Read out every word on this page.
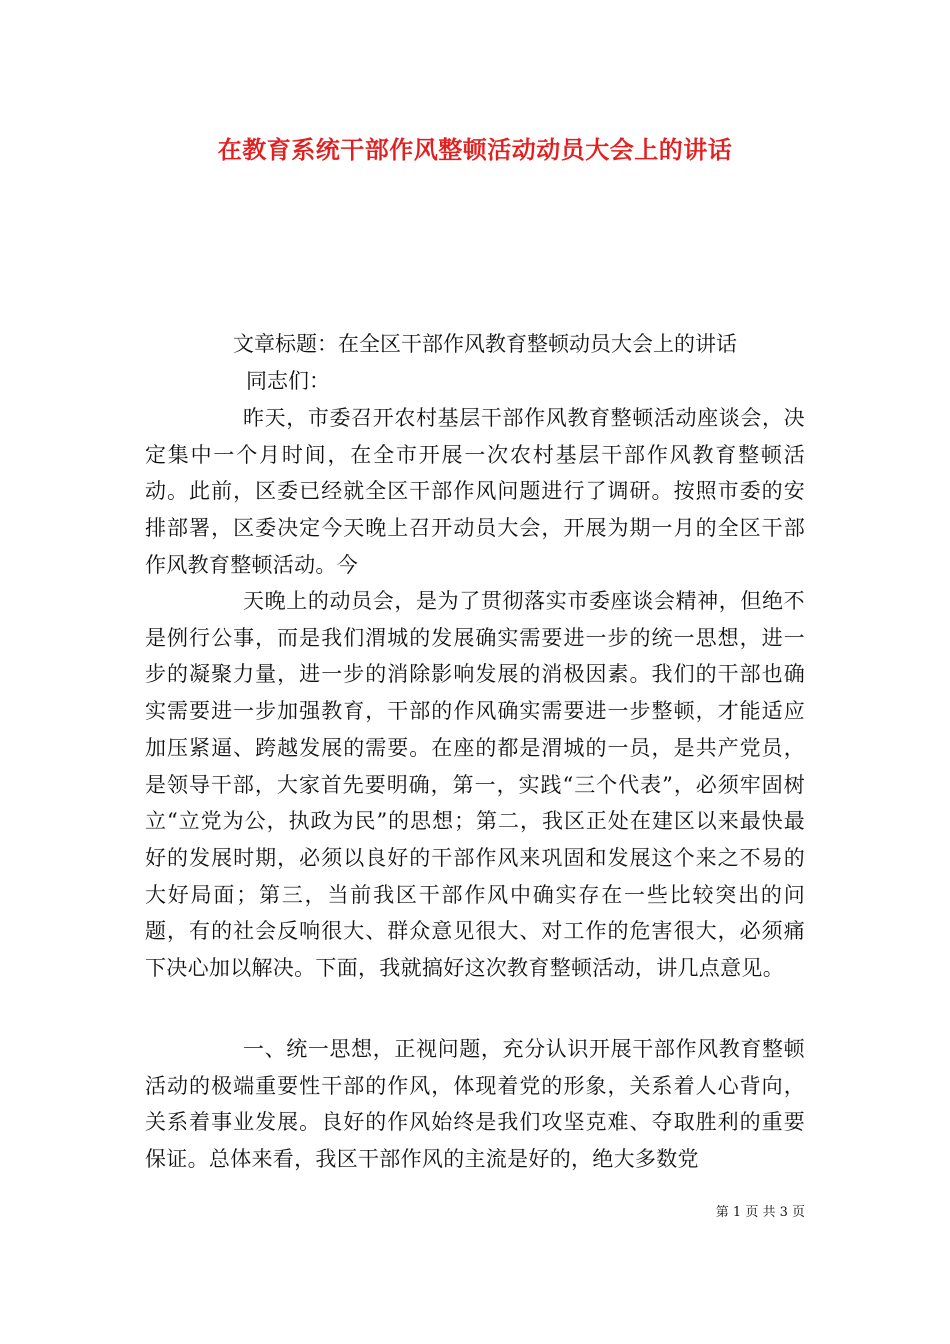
在教育系统干部作风整顿活动动员大会上的讲话
文章标题：在全区干部作风教育整顿动员大会上的讲话
同志们：

昨天，市委召开农村基层干部作风教育整顿活动座谈会，决定集中一个月时间，在全市开展一次农村基层干部作风教育整顿活动。此前，区委已经就全区干部作风问题进行了调研。按照市委的安排部署，区委决定今天晚上召开动员大会，开展为期一月的全区干部作风教育整顿活动。今

天晚上的动员会，是为了贯彻落实市委座谈会精神，但绝不是例行公事，而是我们渭城的发展确实需要进一步的统一思想，进一步的凝聚力量，进一步的消除影响发展的消极因素。我们的干部也确实需要进一步加强教育，干部的作风确实需要进一步整顿，才能适应加压紧逼、跨越发展的需要。在座的都是渭城的一员，是共产党员，是领导干部，大家首先要明确，第一，实践“三个代表”，必须牢固树立“立党为公，执政为民”的思想；第二，我区正处在建区以来最快最好的发展时期，必须以良好的干部作风来巩固和发展这个来之不易的大好局面；第三，当前我区干部作风中确实存在一些比较突出的问题，有的社会反响很大、群众意见很大、对工作的危害很大，必须痛下决心加以解决。下面，我就搞好这次教育整顿活动，讲几点意见。

一、统一思想，正视问题，充分认识开展干部作风教育整顿活动的极端重要性干部的作风，体现着党的形象，关系着人心背向，关系着事业发展。良好的作风始终是我们攻坚克难、夺取胜利的重要保证。总体来看，我区干部作风的主流是好的，绝大多数党

第 1 页 共 3 页
